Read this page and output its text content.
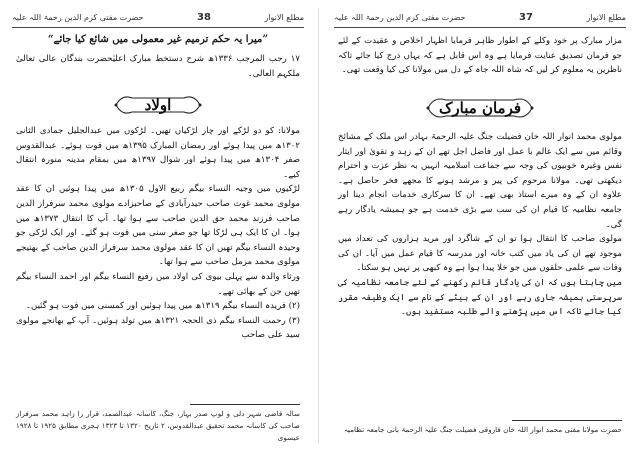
حضرت مفتی کرم الدین رحمۃ اللہ علیہ	38	مطلع الانوار
”میرا یہ حکم ترمیم غیر معمولی میں شائع کیا جائے“

۱۷ رجب المرجب ۱۳۳۶ھ شرح دستخط مبارک اعلیٰحضرت بندگان عالی تعالیٰ ملکہم العالی۔

اولاد

مولانا: کو دو لڑکے اور چار لڑکیاں تھیں۔ لڑکوں میں عبدالجلیل جمادی الثانی ۱۳۰۲ھ میں پیدا ہوئے اور رمضان المبارک ۱۳۹۵ھ میں فوت ہوئے۔ عبدالقدوس صفر ۱۳۰۴ھ میں پیدا ہوئے اور شوال ۱۳۹۷ھ میں بمقام مدینہ منورہ انتقال کیے۔

لڑکیوں میں وجیہ النساء بیگم ربیع الاول ۱۳۰۵ھ میں پیدا ہوئیں ان کا عقد مولوی محمد غوث صاحب حیدرآبادی کے صاحبزادے مولوی محمد سرفراز الدین صاحب فرزند محمد حق الدین صاحب سے ہوا تھا۔ آپ کا انتقال ۱۳۷۳ھ میں ہوا۔ ان کا ایک ہی لڑکا تھا جو صغر سنی میں فوت ہو گئے۔ اور ایک لڑکی جو وحیدہ النساء بیگم تھیں ان کا عقد مولوی محمد سرفراز الدین صاحب کے بھتیجے مولوی محمد مزمل صاحب سے ہوا تھا۔

ورثاء والدہ سے پہلی بیوی کی اولاد میں رفیع النساء بیگم اور احمد النساء بیگم تھیں جن کے بھائی تھے۔

(۲) فریدہ النساء بیگم ۱۳۱۹ھ میں پیدا ہوئیں اور کمسنی میں فوت ہو گئیں۔

(۳) رحمت النساء بیگم ذی الحجہ ۱۳۲۱ھ میں تولد ہوئیں۔ آپ کے بھانجے مولوی سید علی صاحب

سالہ قاضی شہر دلی و لوپ صدر بہار، جنگ، کاسانہ عبدالصمد، قرار را زاہد محمد سرفراز صاحب کی کاسانہ محمد تحقیق عبدالقدوس، ۲ تاریخ ۱۳۲۰ تا ۱۳۲۳ ہجری مطابق ۱۹۲۵ تا ۱۹۲۸ عیسوی
حضرت مفتی کرم الدین رحمۃ اللہ علیہ	37	مطلع الانوار

مزار مبارک پر خود وکلے کے اطوار ظاہر فرمایا اظہار اخلاص و عقیدت کے لئے جو فرمان تصدیق عنایت فرمایا ہے وہ اس قابل ہے کہ یہاں درج کیا جائے تاکہ ناظرین یہ معلوم کر لیں کہ شاہ اللہ جاہ کے دل میں مولانا کی کیا وقعت تھی۔

فرمان مبارک

مولوی محمد انوار اللہ خان فضیلت جنگ علیہ الرحمۃ بہادر اس ملک کے مشائخ وقائم میں سے ایک عالم با عمل اور فاضل اجل تھے ان کے زہد و تقویٰ اور ایثار نفس وغیرہ خوبیوں کی وجہ سے جماعت اسلامیہ انہیں بہ نظر عزت و احترام دیکھتی تھی۔ مولانا مرحوم کی پیر و مرشد ہونے کا مجھے فخر حاصل ہے۔ علاوہ ان کے وہ میرے استاذ بھی تھے۔ ان کا سرکاری خدمات انجام دینا اور جامعہ نظامیہ کا قیام ان کی سب سے بڑی خدمت ہے جو ہمیشہ یادگار رہے گی۔

مولوی صاحب کا انتقال ہوا تو ان کے شاگرد اور مرید ہزاروں کی تعداد میں موجود تھے ان کی یاد میں کتب خانہ اور مدرسہ کا قیام عمل میں آیا۔ ان کی وفات سے علمی حلقوں میں جو خلا پیدا ہوا ہے وہ کبھی پر نہیں ہو سکتا۔

میں چاہتا ہوں کہ ان کی یادگار قائم رکھنے کے لئے جامعہ نظامیہ کی سرپرستی ہمیشہ جاری رہے اور ان کے بیٹے کے نام سے ایک وظیفہ مقرر کیا جائے تاکہ اس میں پڑھنے والے طلبہ مستفید ہوں۔

حضرت مولانا مفتی محمد انوار اللہ خان فاروقی فضیلت جنگ علیہ الرحمۃ بانی جامعہ نظامیہ
